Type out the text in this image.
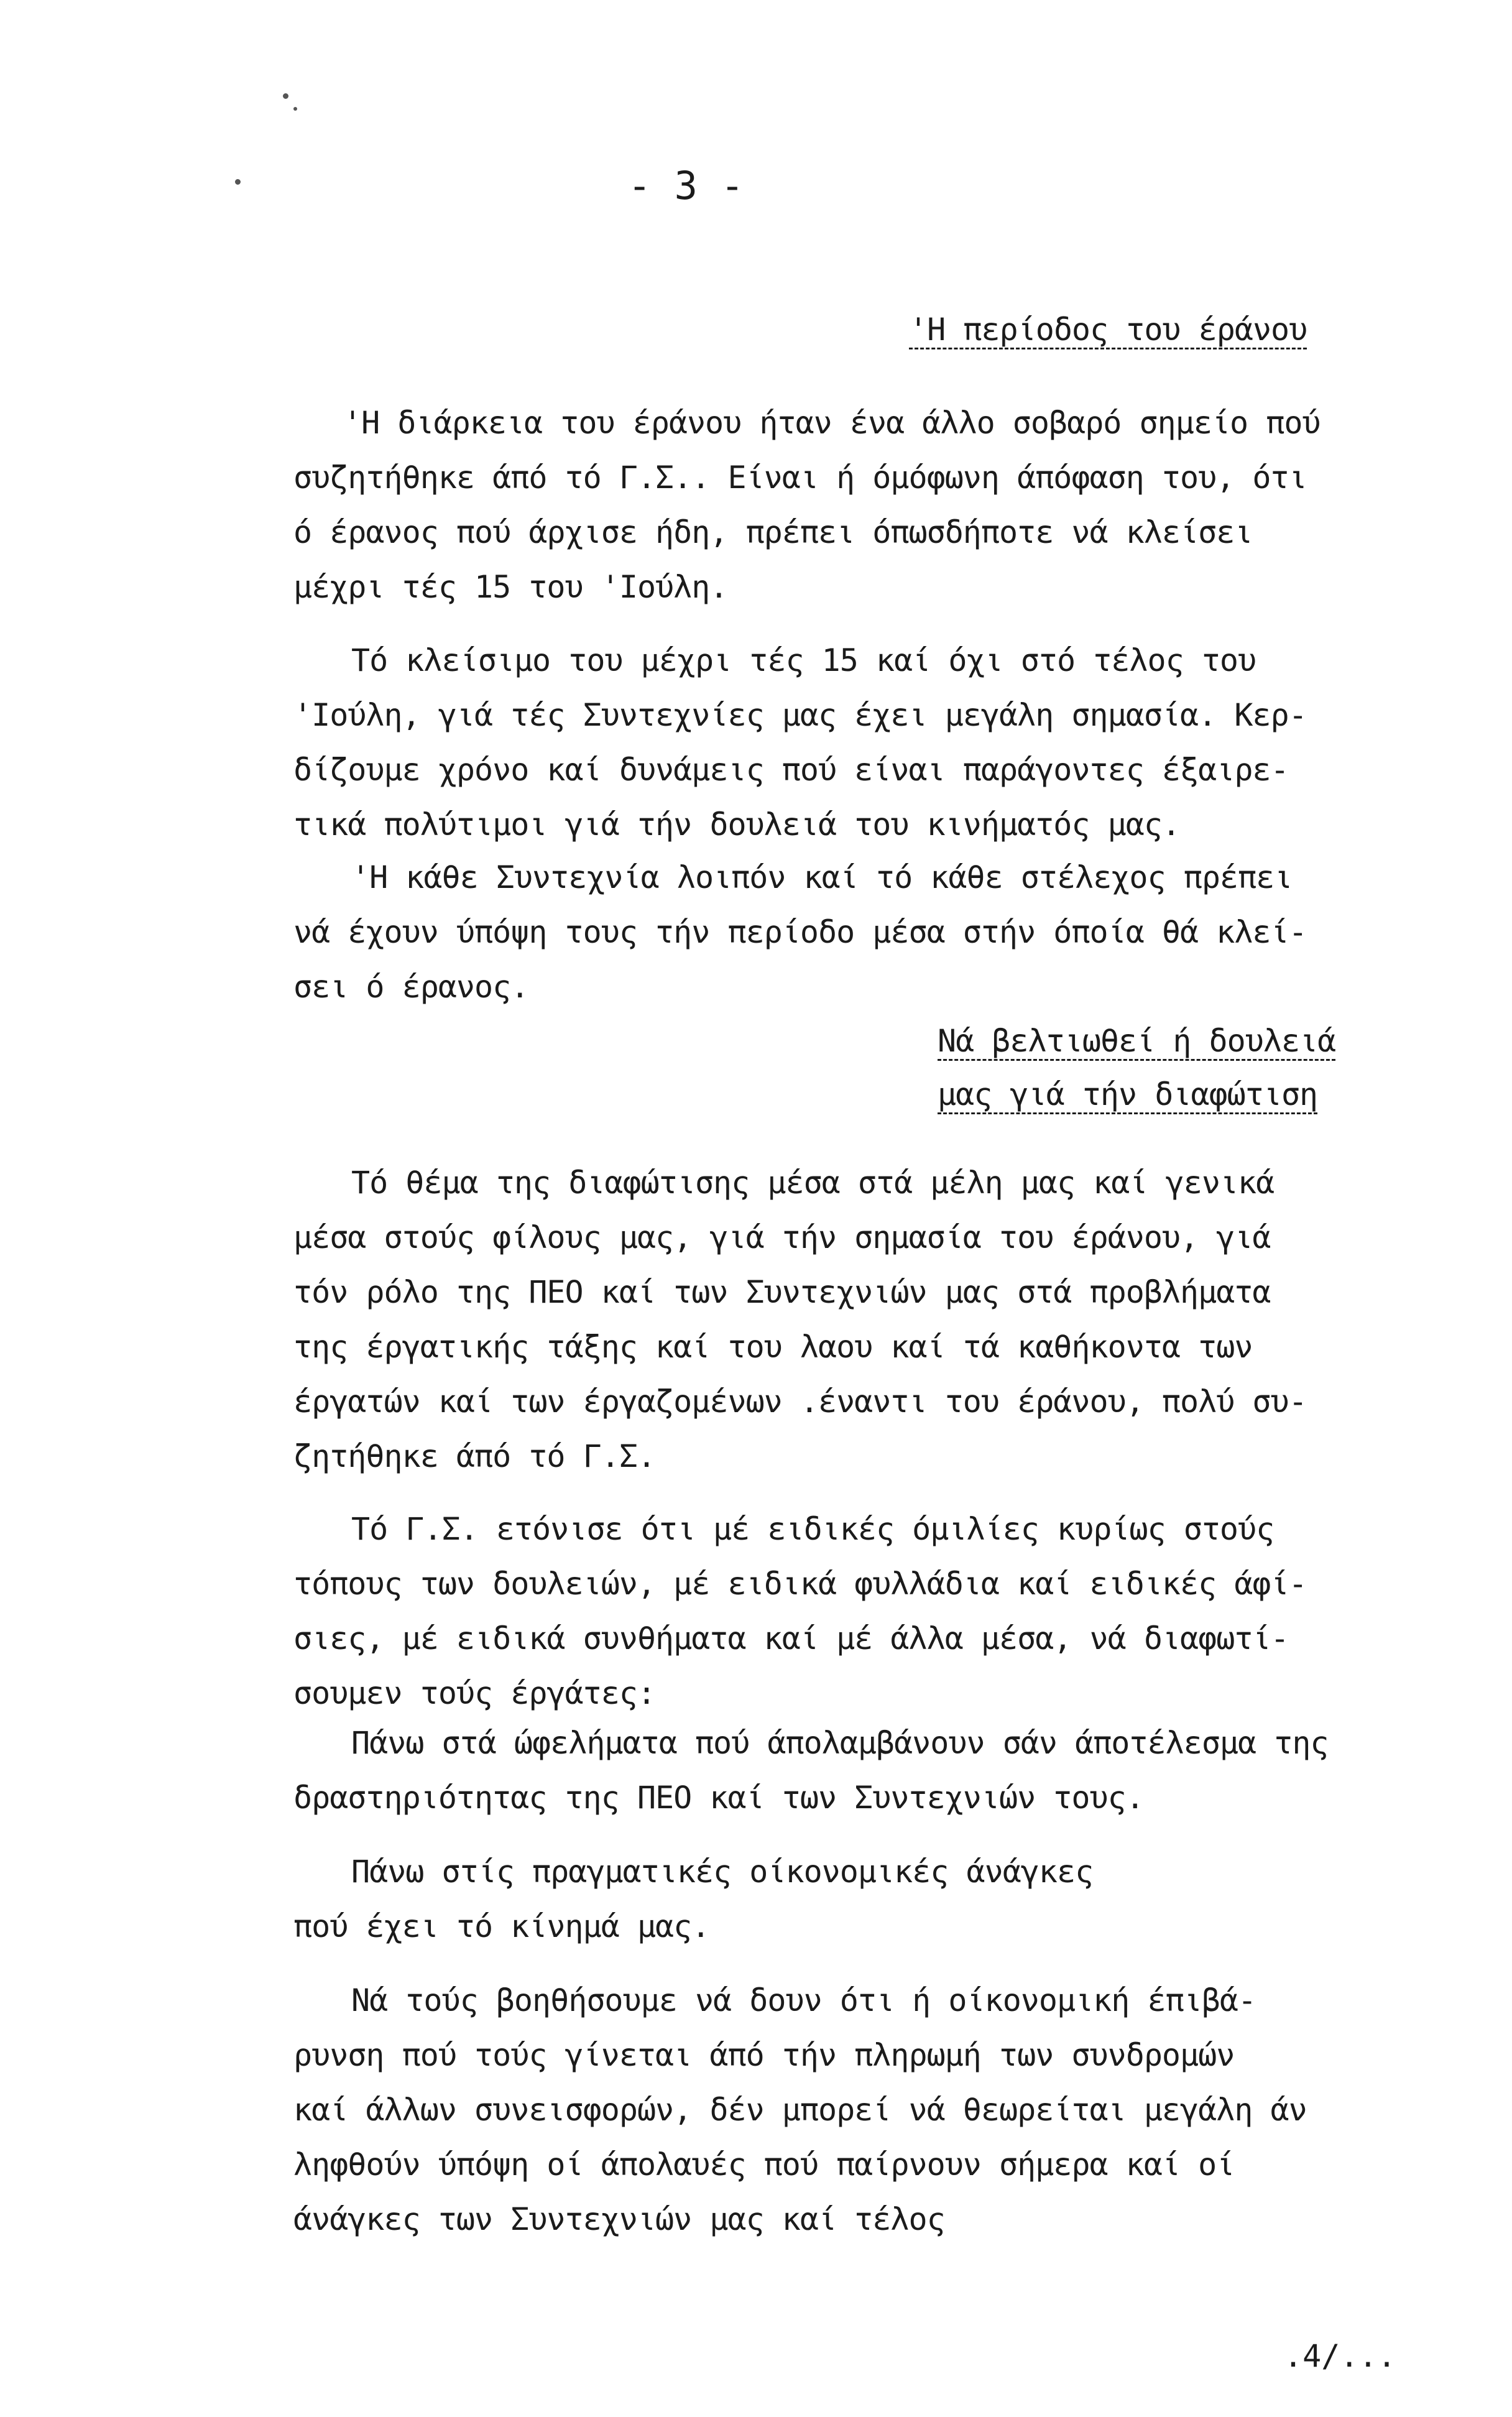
- 3 -
'Η περίοδος του έράνου
'Η διάρκεια του έράνου ήταν ένα άλλο σοβαρό σημείο πού
συζητήθηκε άπό τό Γ.Σ.. Είναι ή όμόφωνη άπόφαση του, ότι
ό έρανος πού άρχισε ήδη, πρέπει όπωσδήποτε νά κλείσει
μέχρι τές 15 του 'Ιούλη.
Τό κλείσιμο του μέχρι τές 15 καί όχι στό τέλος του
'Ιούλη, γιά τές Συντεχνίες μας έχει μεγάλη σημασία. Κερ-
δίζουμε χρόνο καί δυνάμεις πού είναι παράγοντες έξαιρε-
τικά πολύτιμοι γιά τήν δουλειά του κινήματός μας.
'Η κάθε Συντεχνία λοιπόν καί τό κάθε στέλεχος πρέπει
νά έχουν ύπόψη τους τήν περίοδο μέσα στήν όποία θά κλεί-
σει ό έρανος.
Νά βελτιωθεί ή δουλειά
μας γιά τήν διαφώτιση
Τό θέμα της διαφώτισης μέσα στά μέλη μας καί γενικά
μέσα στούς φίλους μας, γιά τήν σημασία του έράνου, γιά
τόν ρόλο της ΠΕΟ καί των Συντεχνιών μας στά προβλήματα
της έργατικής τάξης καί του λαου καί τά καθήκοντα των
έργατών καί των έργαζομένων .έναντι του έράνου, πολύ συ-
ζητήθηκε άπό τό Γ.Σ.
Τό Γ.Σ. ετόνισε ότι μέ ειδικές όμιλίες κυρίως στούς
τόπους των δουλειών, μέ ειδικά φυλλάδια καί ειδικές άφί-
σιες, μέ ειδικά συνθήματα καί μέ άλλα μέσα, νά διαφωτί-
σουμεν τούς έργάτες:
Πάνω στά ώφελήματα πού άπολαμβάνουν σάν άποτέλεσμα της
δραστηριότητας της ΠΕΟ καί των Συντεχνιών τους.
Πάνω στίς πραγματικές οίκονομικές άνάγκες
πού έχει τό κίνημά μας.
Νά τούς βοηθήσουμε νά δουν ότι ή οίκονομική έπιβά-
ρυνση πού τούς γίνεται άπό τήν πληρωμή των συνδρομών
καί άλλων συνεισφορών, δέν μπορεί νά θεωρείται μεγάλη άν
ληφθούν ύπόψη οί άπολαυές πού παίρνουν σήμερα καί οί
άνάγκες των Συντεχνιών μας καί τέλος
.4/...
